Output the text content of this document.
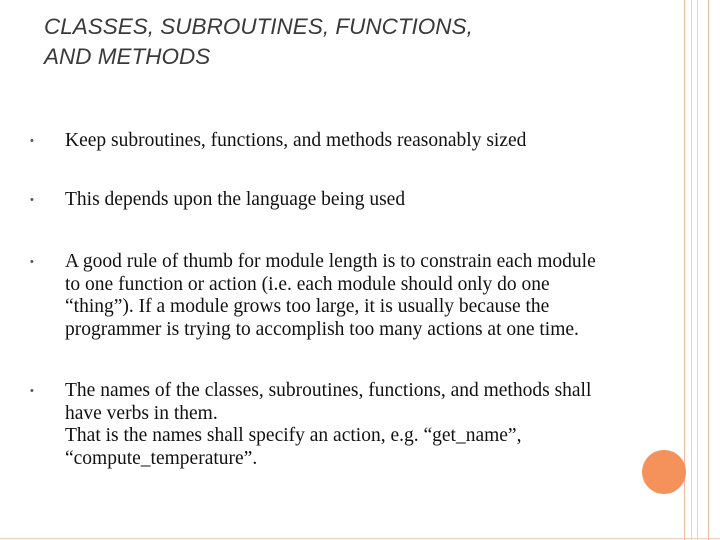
CLASSES, SUBROUTINES, FUNCTIONS,
AND METHODS
•	Keep subroutines, functions, and methods reasonably sized
•	This depends upon the language being used
•	A good rule of thumb for module length is to constrain each module
to one function or action (i.e. each module should only do one
“thing”). If a module grows too large, it is usually because the
programmer is trying to accomplish too many actions at one time.
•	The names of the classes, subroutines, functions, and methods shall
have verbs in them.
That is the names shall specify an action, e.g. “get_name”,
“compute_temperature”.
